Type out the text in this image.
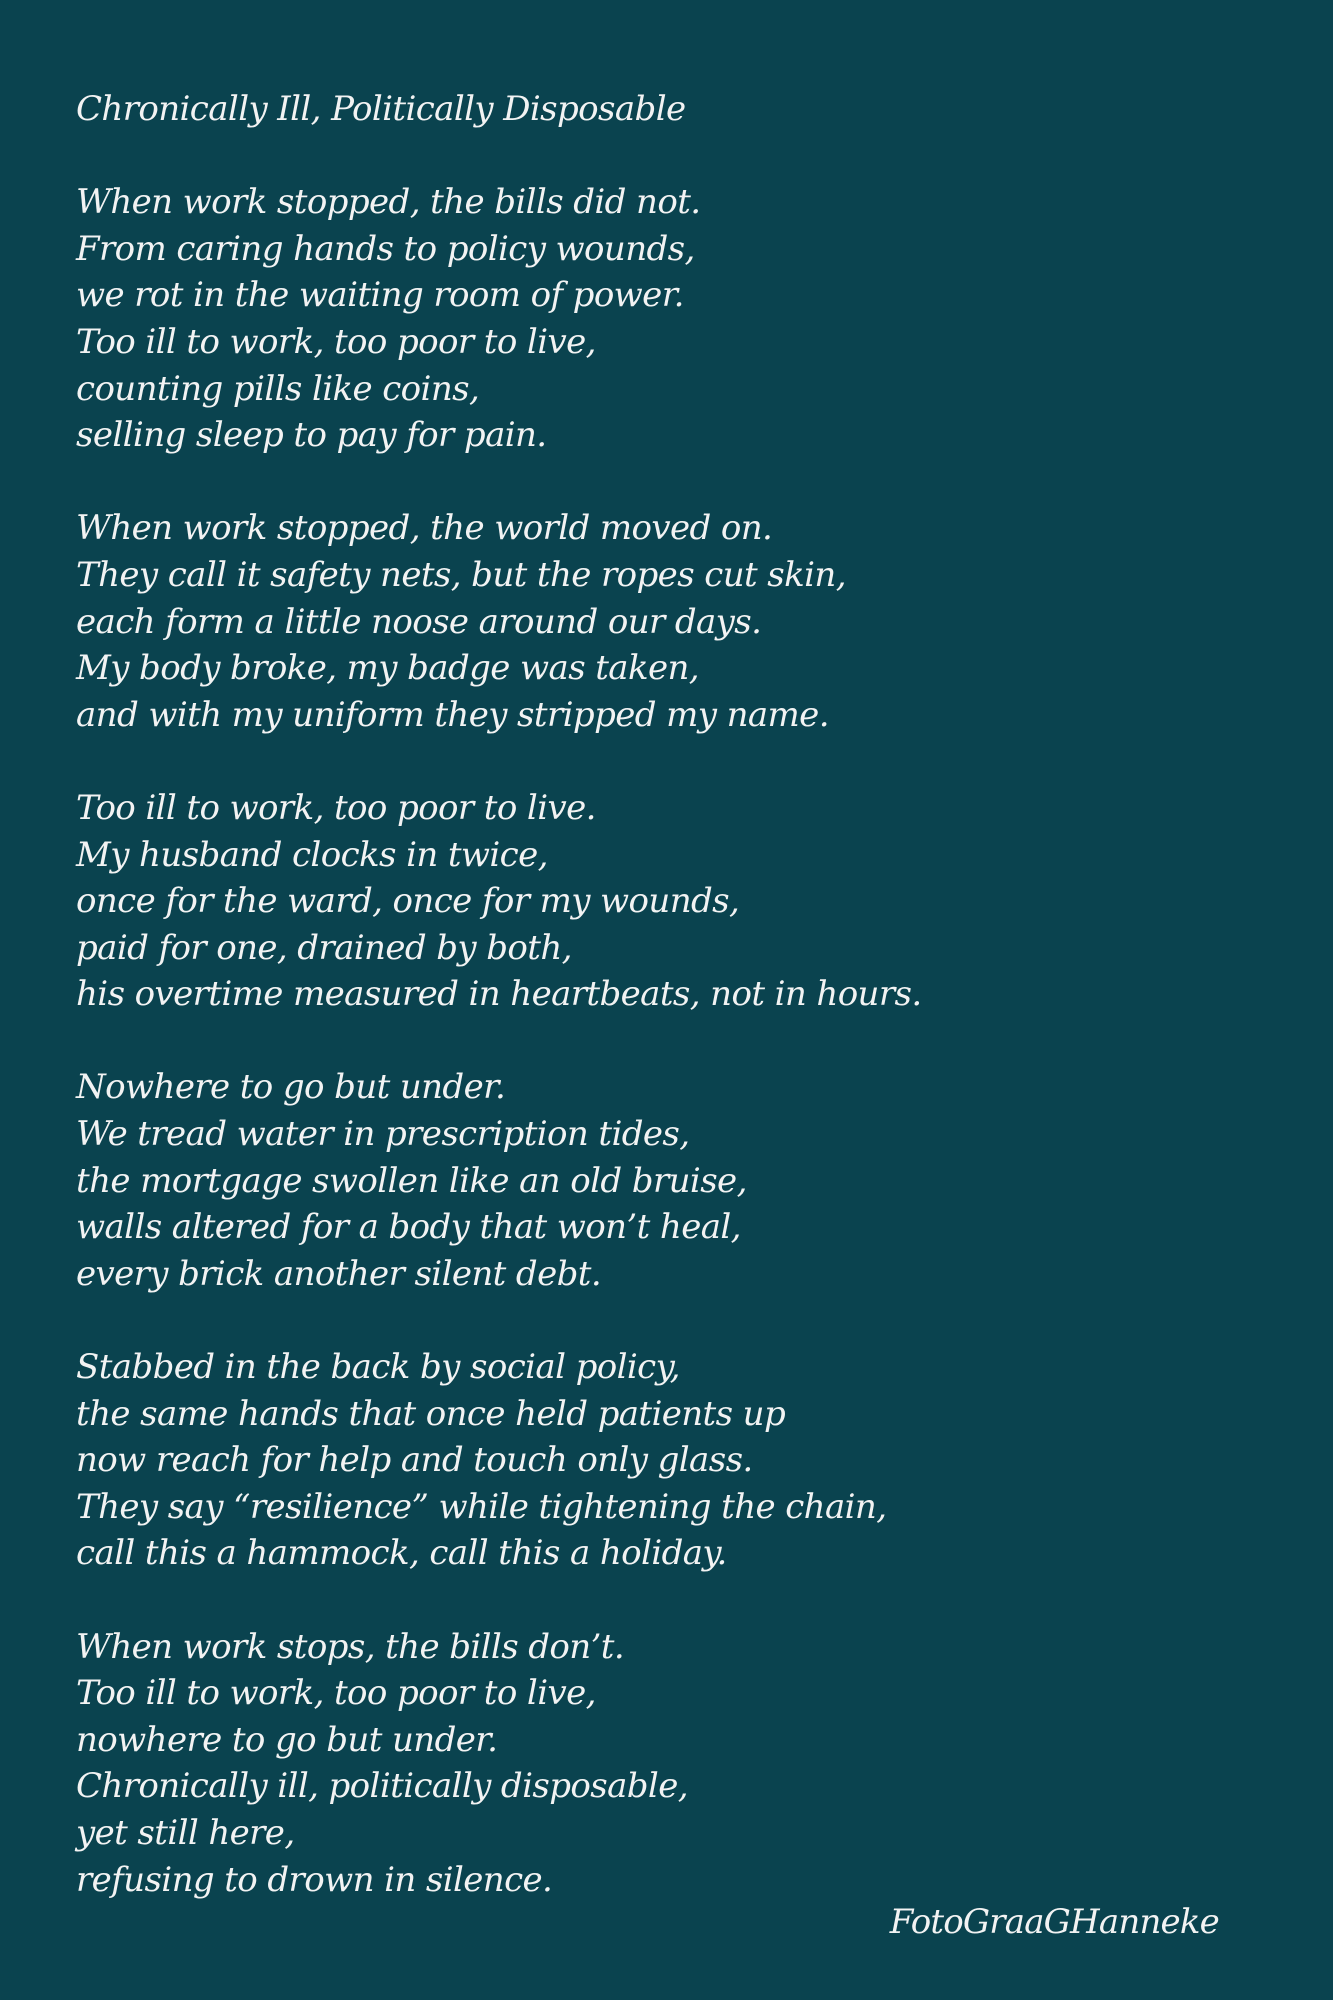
Chronically Ill, Politically Disposable
When work stopped, the bills did not.
From caring hands to policy wounds,
we rot in the waiting room of power.
Too ill to work, too poor to live,
counting pills like coins,
selling sleep to pay for pain.
When work stopped, the world moved on.
They call it safety nets, but the ropes cut skin,
each form a little noose around our days.
My body broke, my badge was taken,
and with my uniform they stripped my name.
Too ill to work, too poor to live.
My husband clocks in twice,
once for the ward, once for my wounds,
paid for one, drained by both,
his overtime measured in heartbeats, not in hours.
Nowhere to go but under.
We tread water in prescription tides,
the mortgage swollen like an old bruise,
walls altered for a body that won’t heal,
every brick another silent debt.
Stabbed in the back by social policy,
the same hands that once held patients up
now reach for help and touch only glass.
They say “resilience” while tightening the chain,
call this a hammock, call this a holiday.
When work stops, the bills don’t.
Too ill to work, too poor to live,
nowhere to go but under.
Chronically ill, politically disposable,
yet still here,
refusing to drown in silence.
FotoGraaGHanneke
